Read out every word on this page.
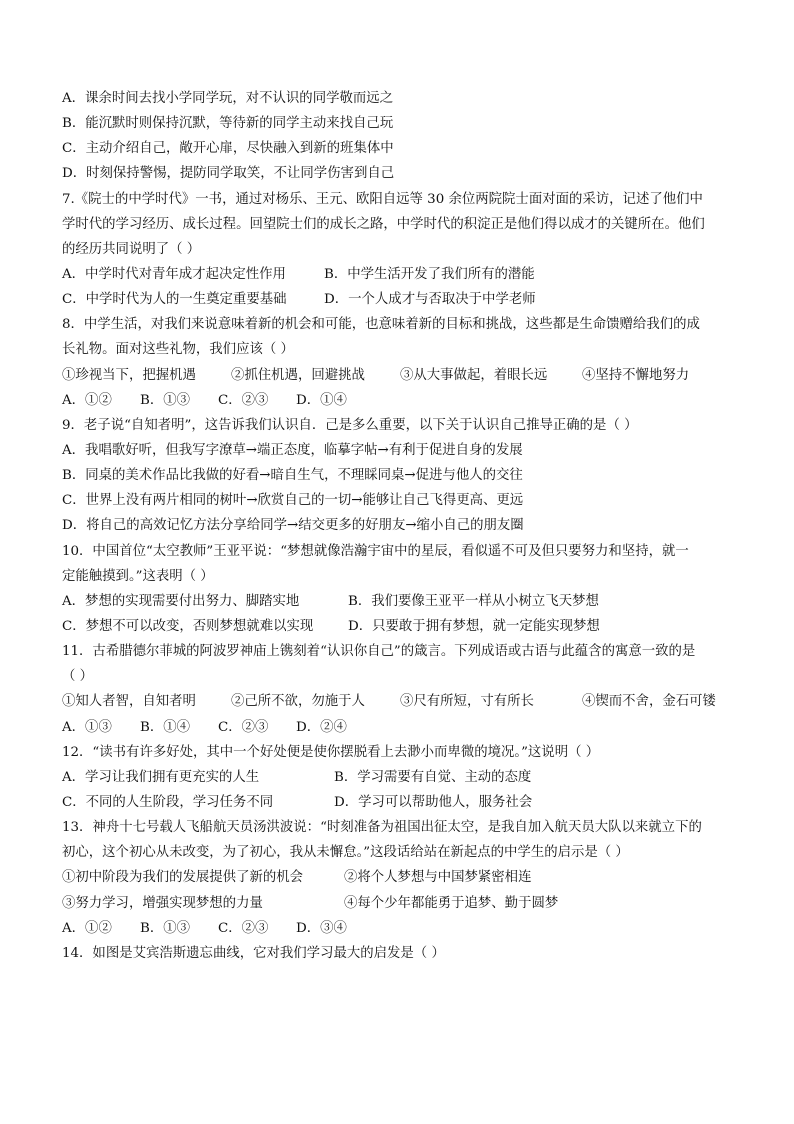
A．课余时间去找小学同学玩，对不认识的同学敬而远之
B．能沉默时则保持沉默，等待新的同学主动来找自己玩
C．主动介绍自己，敞开心扉，尽快融入到新的班集体中
D．时刻保持警惕，提防同学取笑，不让同学伤害到自己
7.《院士的中学时代》一书，通过对杨乐、王元、欧阳自远等 30 余位两院院士面对面的采访，记述了他们中
学时代的学习经历、成长过程。回望院士们的成长之路，中学时代的积淀正是他们得以成才的关键所在。他们
的经历共同说明了（ ）
A．中学时代对青年成才起决定性作用	B．中学生活开发了我们所有的潜能
C．中学时代为人的一生奠定重要基础	D．一个人成才与否取决于中学老师
8．中学生活，对我们来说意味着新的机会和可能，也意味着新的目标和挑战，这些都是生命馈赠给我们的成
长礼物。面对这些礼物，我们应该（ ）
①珍视当下，把握机遇	②抓住机遇，回避挑战	③从大事做起，着眼长远	④坚持不懈地努力
A．①②	B．①③	C．②③	D．①④
9．老子说“自知者明”，这告诉我们认识自．己是多么重要，以下关于认识自己推导正确的是（ ）
A．我唱歌好听，但我写字潦草→端正态度，临摹字帖→有利于促进自身的发展
B．同桌的美术作品比我做的好看→暗自生气，不理睬同桌→促进与他人的交往
C．世界上没有两片相同的树叶→欣赏自己的一切→能够让自己飞得更高、更远
D．将自己的高效记忆方法分享给同学→结交更多的好朋友→缩小自己的朋友圈
10．中国首位“太空教师”王亚平说：“梦想就像浩瀚宇宙中的星辰，看似遥不可及但只要努力和坚持，就一
定能触摸到。”这表明（ ）
A．梦想的实现需要付出努力、脚踏实地	B．我们要像王亚平一样从小树立飞天梦想
C．梦想不可以改变，否则梦想就难以实现	D．只要敢于拥有梦想，就一定能实现梦想
11．古希腊德尔菲城的阿波罗神庙上镌刻着“认识你自己”的箴言。下列成语或古语与此蕴含的寓意一致的是
（ ）
①知人者智，自知者明	②己所不欲，勿施于人	③尺有所短，寸有所长	④锲而不舍，金石可镂
A．①③	B．①④	C．②③	D．②④
12．“读书有许多好处，其中一个好处便是使你摆脱看上去渺小而卑微的境况。”这说明（ ）
A．学习让我们拥有更充实的人生	B．学习需要有自觉、主动的态度
C．不同的人生阶段，学习任务不同	D．学习可以帮助他人，服务社会
13．神舟十七号载人飞船航天员汤洪波说：“时刻准备为祖国出征太空，是我自加入航天员大队以来就立下的
初心，这个初心从未改变，为了初心，我从未懈怠。”这段话给站在新起点的中学生的启示是（ ）
①初中阶段为我们的发展提供了新的机会	②将个人梦想与中国梦紧密相连
③努力学习，增强实现梦想的力量	④每个少年都能勇于追梦、勤于圆梦
A．①②	B．①③	C．②③	D．③④
14．如图是艾宾浩斯遗忘曲线，它对我们学习最大的启发是（ ）
